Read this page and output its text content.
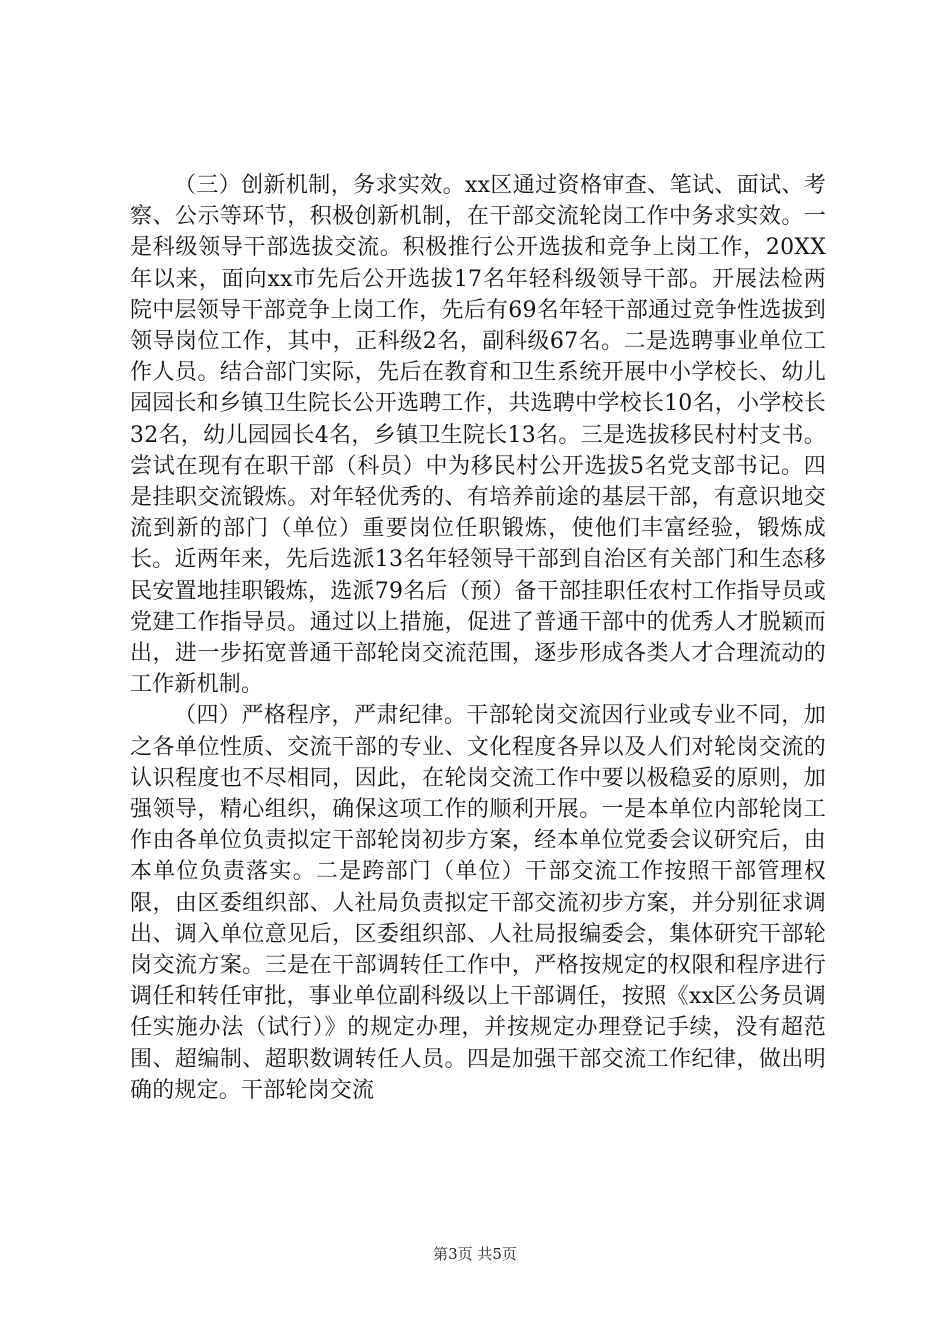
（三）创新机制，务求实效。xx区通过资格审查、笔试、面试、考察、公示等环节，积极创新机制，在干部交流轮岗工作中务求实效。一是科级领导干部选拔交流。积极推行公开选拔和竞争上岗工作，20XX年以来，面向xx市先后公开选拔17名年轻科级领导干部。开展法检两院中层领导干部竞争上岗工作，先后有69名年轻干部通过竞争性选拔到领导岗位工作，其中，正科级2名，副科级67名。二是选聘事业单位工作人员。结合部门实际，先后在教育和卫生系统开展中小学校长、幼儿园园长和乡镇卫生院长公开选聘工作，共选聘中学校长10名，小学校长32名，幼儿园园长4名，乡镇卫生院长13名。三是选拔移民村村支书。尝试在现有在职干部（科员）中为移民村公开选拔5名党支部书记。四是挂职交流锻炼。对年轻优秀的、有培养前途的基层干部，有意识地交流到新的部门（单位）重要岗位任职锻炼，使他们丰富经验，锻炼成长。近两年来，先后选派13名年轻领导干部到自治区有关部门和生态移民安置地挂职锻炼，选派79名后（预）备干部挂职任农村工作指导员或党建工作指导员。通过以上措施，促进了普通干部中的优秀人才脱颖而出，进一步拓宽普通干部轮岗交流范围，逐步形成各类人才合理流动的工作新机制。

（四）严格程序，严肃纪律。干部轮岗交流因行业或专业不同，加之各单位性质、交流干部的专业、文化程度各异以及人们对轮岗交流的认识程度也不尽相同，因此，在轮岗交流工作中要以极稳妥的原则，加强领导，精心组织，确保这项工作的顺利开展。一是本单位内部轮岗工作由各单位负责拟定干部轮岗初步方案，经本单位党委会议研究后，由本单位负责落实。二是跨部门（单位）干部交流工作按照干部管理权限，由区委组织部、人社局负责拟定干部交流初步方案，并分别征求调出、调入单位意见后，区委组织部、人社局报编委会，集体研究干部轮岗交流方案。三是在干部调转任工作中，严格按规定的权限和程序进行调任和转任审批，事业单位副科级以上干部调任，按照《xx区公务员调任实施办法（试行）》的规定办理，并按规定办理登记手续，没有超范围、超编制、超职数调转任人员。四是加强干部交流工作纪律，做出明确的规定。干部轮岗交流

第3页 共5页
